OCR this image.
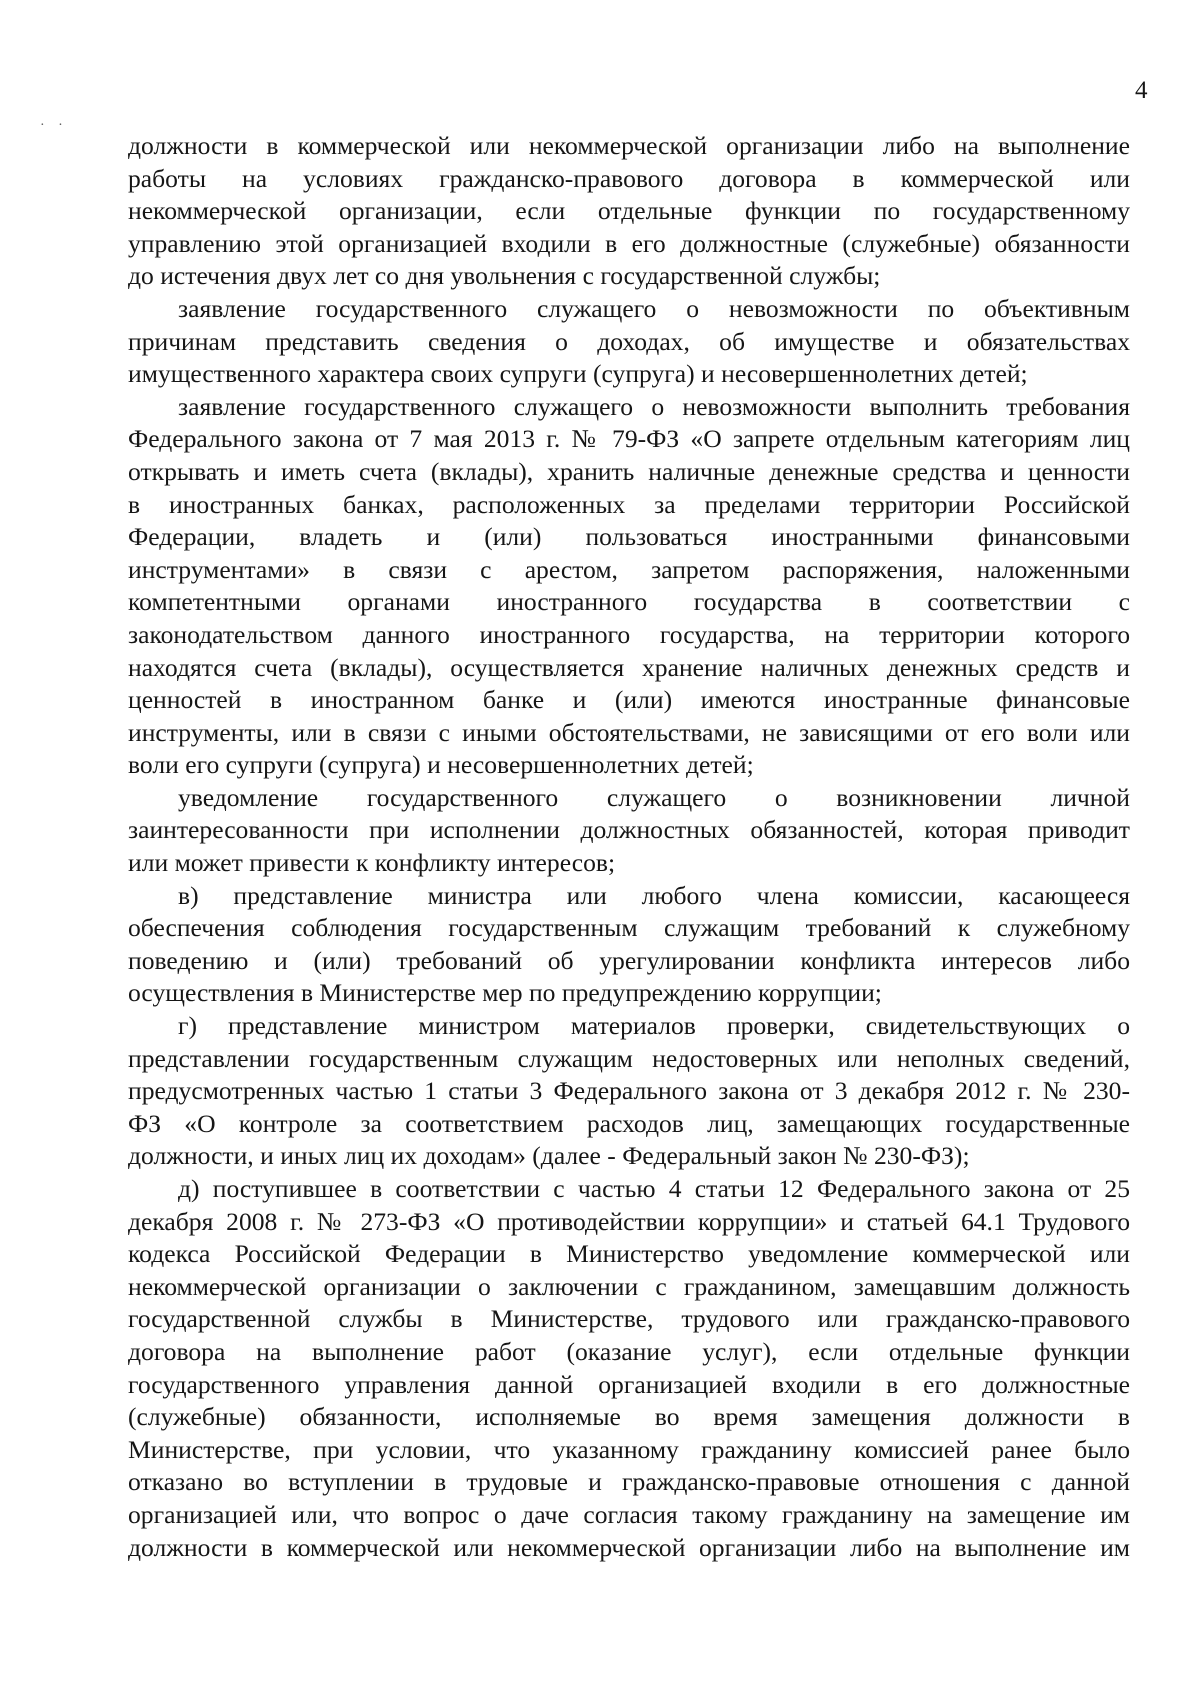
4
· ·

должности в коммерческой или некоммерческой организации либо на выполнение

работы на условиях гражданско-правового договора в коммерческой или

некоммерческой организации, если отдельные функции по государственному

управлению этой организацией входили в его должностные (служебные) обязанности

до истечения двух лет со дня увольнения с государственной службы;

заявление государственного служащего о невозможности по объективным

причинам представить сведения о доходах, об имуществе и обязательствах

имущественного характера своих супруги (супруга) и несовершеннолетних детей;

заявление государственного служащего о невозможности выполнить требования

Федерального закона от 7 мая 2013 г. № 79-ФЗ «О запрете отдельным категориям лиц

открывать и иметь счета (вклады), хранить наличные денежные средства и ценности

в иностранных банках, расположенных за пределами территории Российской

Федерации, владеть и (или) пользоваться иностранными финансовыми

инструментами» в связи с арестом, запретом распоряжения, наложенными

компетентными органами иностранного государства в соответствии с

законодательством данного иностранного государства, на территории которого

находятся счета (вклады), осуществляется хранение наличных денежных средств и

ценностей в иностранном банке и (или) имеются иностранные финансовые

инструменты, или в связи с иными обстоятельствами, не зависящими от его воли или

воли его супруги (супруга) и несовершеннолетних детей;

уведомление государственного служащего о возникновении личной

заинтересованности при исполнении должностных обязанностей, которая приводит

или может привести к конфликту интересов;

в) представление министра или любого члена комиссии, касающееся

обеспечения соблюдения государственным служащим требований к служебному

поведению и (или) требований об урегулировании конфликта интересов либо

осуществления в Министерстве мер по предупреждению коррупции;

г) представление министром материалов проверки, свидетельствующих о

представлении государственным служащим недостоверных или неполных сведений,

предусмотренных частью 1 статьи 3 Федерального закона от 3 декабря 2012 г. № 230-

ФЗ «О контроле за соответствием расходов лиц, замещающих государственные

должности, и иных лиц их доходам» (далее - Федеральный закон № 230-ФЗ);

д) поступившее в соответствии с частью 4 статьи 12 Федерального закона от 25

декабря 2008 г. № 273-ФЗ «О противодействии коррупции» и статьей 64.1 Трудового

кодекса Российской Федерации в Министерство уведомление коммерческой или

некоммерческой организации о заключении с гражданином, замещавшим должность

государственной службы в Министерстве, трудового или гражданско-правового

договора на выполнение работ (оказание услуг), если отдельные функции

государственного управления данной организацией входили в его должностные

(служебные) обязанности, исполняемые во время замещения должности в

Министерстве, при условии, что указанному гражданину комиссией ранее было

отказано во вступлении в трудовые и гражданско-правовые отношения с данной

организацией или, что вопрос о даче согласия такому гражданину на замещение им

должности в коммерческой или некоммерческой организации либо на выполнение им
